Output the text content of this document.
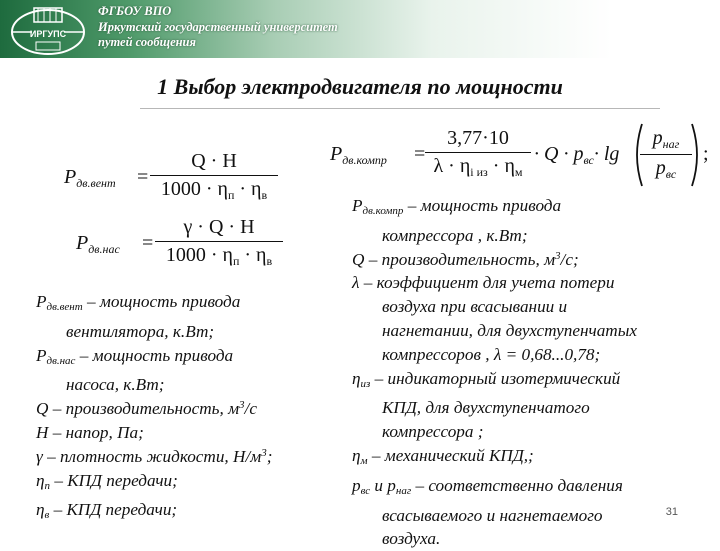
ИРГУПС
ФГБОУ ВПО
Иркутский государственный университет
путей сообщения
1 Выбор электродвигателя по мощности
$P_{дв.вент}$ =
Q · H
$1000 \cdot \eta_п \cdot \eta_в$
$P_{дв.нас}$ =
γ · Q · H
$1000 \cdot \eta_п \cdot \eta_в$
$P_{дв.компр}$ =
3,77·10
$\lambda \cdot \eta_{i из} \cdot \eta_м$
· $Q \cdot p_{вс}\cdot \lg$
$p_{наг}$
$p_{вс}$
;
$P_{дв.вент}$ – мощность привода
вентилятора, к.Вт;
$P_{дв.нас}$ – мощность привода
насоса, к.Вт;
Q – производительность, $м^3/с$
H – напор, Па;
γ – плотность жидкости, $Н/м^3$;
$\eta_п$ – КПД передачи;
$\eta_в$ – КПД передачи;
$P_{дв.компр}$ – мощность привода
компрессора , к.Вт;
Q – производительность, $м^3/с$;
λ – коэффициент для учета потери
воздуха при всасывании и
нагнетании, для двухступенчатых
компрессоров , λ = 0,68...0,78;
$\eta_{из}$ – индикаторный изотермический
КПД, для двухступенчатого
компрессора ;
$\eta_м$ – механический КПД,;
$p_{вс}$ и $p_{наг}$ – соответственно давления
всасываемого и нагнетаемого
воздуха.
31
